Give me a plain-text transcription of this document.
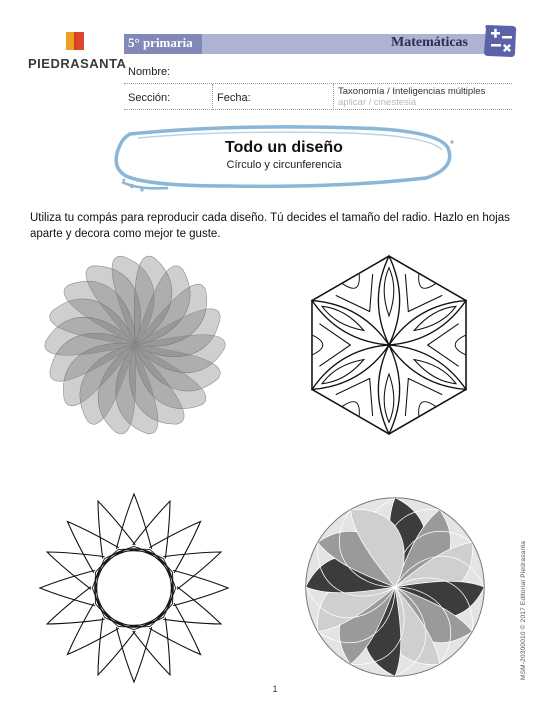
PIEDRASANTA
5° primaria	Matemáticas
Nombre:
Sección:	Fecha:
Taxonomía / Inteligencias múltiples
aplicar / cinestesia
Todo un diseño
Círculo y circunferencia
Utiliza tu compás para reproducir cada diseño. Tú decides el tamaño del radio. Hazlo en hojas aparte y decora como mejor te guste.
1
MSM-20300010 © 2017 Editorial Piedrasanta
